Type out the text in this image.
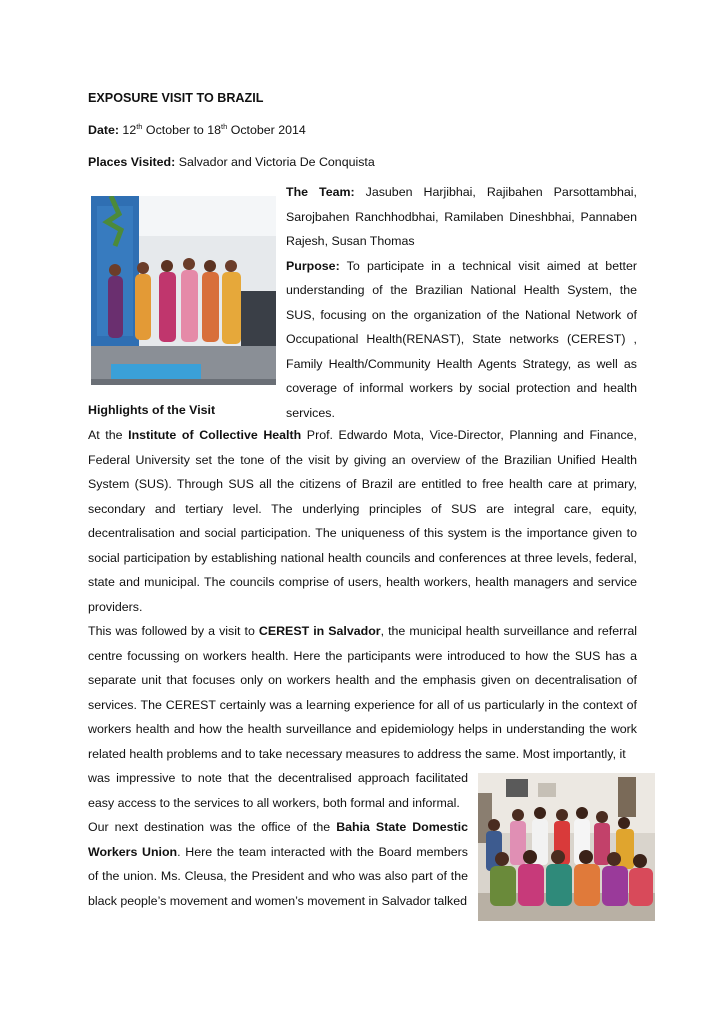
EXPOSURE VISIT TO BRAZIL
Date: 12th October to 18th October 2014
Places Visited: Salvador and Victoria De Conquista
The Team: Jasuben Harjibhai, Rajibahen Parsottambhai, Sarojbahen Ranchhodbhai, Ramilaben Dineshbhai, Pannaben Rajesh, Susan Thomas
Purpose: To participate in a technical visit aimed at better understanding of the Brazilian National Health System, the SUS, focusing on the organization of the National Network of Occupational Health(RENAST), State networks (CEREST) , Family Health/Community Health Agents Strategy, as well as coverage of informal workers by social protection and health services.
Highlights of the Visit
At the Institute of Collective Health Prof. Edwardo Mota, Vice-Director, Planning and Finance, Federal University set the tone of the visit by giving an overview of the Brazilian Unified Health System (SUS). Through SUS all the citizens of Brazil are entitled to free health care at primary, secondary and tertiary level. The underlying principles of SUS are integral care, equity, decentralisation and social participation. The uniqueness of this system is the importance given to social participation by establishing national health councils and conferences at three levels, federal, state and municipal. The councils comprise of users, health workers, health managers and service providers.
This was followed by a visit to CEREST in Salvador, the municipal health surveillance and referral centre focussing on workers health. Here the participants were introduced to how the SUS has a separate unit that focuses only on workers health and the emphasis given on decentralisation of services. The CEREST certainly was a learning experience for all of us particularly in the context of workers health and how the health surveillance and epidemiology helps in understanding the work related health problems and to take necessary measures to address the same. Most importantly, it
was impressive to note that the decentralised approach facilitated easy access to the services to all workers, both formal and informal.
Our next destination was the office of the Bahia State Domestic Workers Union. Here the team interacted with the Board members of the union. Ms. Cleusa, the President and who was also part of the black people’s movement and women’s movement in Salvador talked
